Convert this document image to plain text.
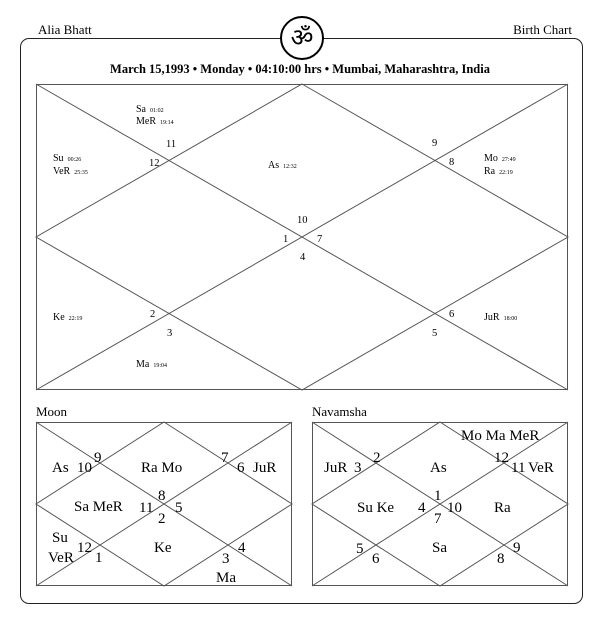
Alia Bhatt	Birth Chart
ॐ
March 15,1993 • Monday • 04:10:00 hrs • Mumbai, Maharashtra, India
11
12
9
8
10
1	7
4
2
3
6
5
Sa 01:02
MeR 19:14
Su 00:26
VeR 25:35
As 12:32
Mo 27:49
Ra 22:19
Ke 22:19
Ma 19:04
JuR 18:00
Moon
9
10
As	Ra Mo
7
6 JuR
8
11 5
2
Sa MeR
Su
VeR
12
1
Ke	4
3
Ma
Navamsha
Mo Ma MeR
2
3
JuR	As
12
11 VeR
1
4 10
7
Su Ke	Ra
5
6
Sa	9
8
